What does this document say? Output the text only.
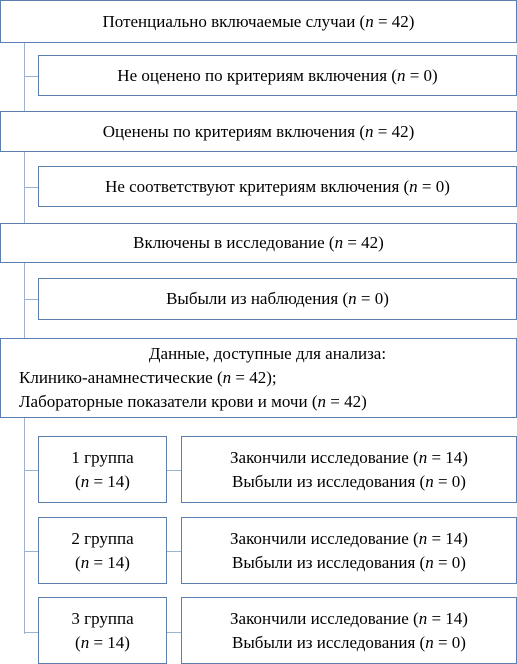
Потенциально включаемые случаи (n = 42)
Не оценено по критериям включения (n = 0)
Оценены по критериям включения (n = 42)
Не соответствуют критериям включения (n = 0)
Включены в исследование (n = 42)
Выбыли из наблюдения (n = 0)
Данные, доступные для анализа:
Клинико-анамнестические (n = 42);
Лабораторные показатели крови и мочи (n = 42)
1 группа
(n = 14)
Закончили исследование (n = 14)
Выбыли из исследования (n = 0)
2 группа
(n = 14)
Закончили исследование (n = 14)
Выбыли из исследования (n = 0)
3 группа
(n = 14)
Закончили исследование (n = 14)
Выбыли из исследования (n = 0)
